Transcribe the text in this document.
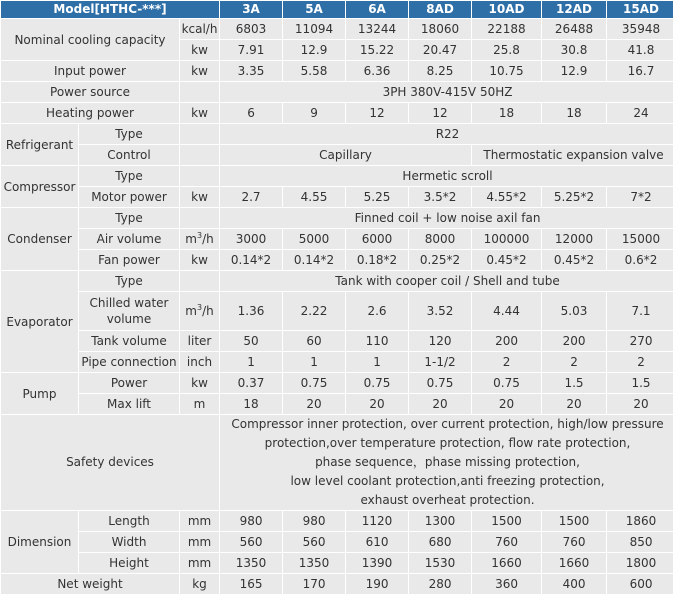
Model[HTHC-***]			3A	5A	6A	8AD	10AD	12AD	15AD
Nominal cooling capacity		kcal/h	6803	11094	13244	18060	22188	26488	35948
		kw	7.91	12.9	15.22	20.47	25.8	30.8	41.8
Input power		kw	3.35	5.58	6.36	8.25	10.75	12.9	16.7
Power source			3PH 380V-415V 50HZ						
Heating power		kw	6	9	12	12	18	18	24
Refrigerant	Type		R22						
	Control		Capillary				Thermostatic expansion valve		
Compressor	Type		Hermetic scroll						
	Motor power	kw	2.7	4.55	5.25	3.5*2	4.55*2	5.25*2	7*2
Condenser	Type		Finned coil + low noise axil fan						
	Air volume	$m^3/h$	3000	5000	6000	8000	100000	12000	15000
	Fan power	kw	0.14*2	0.14*2	0.18*2	0.25*2	0.45*2	0.45*2	0.6*2
Evaporator	Type		Tank with cooper coil / Shell and tube						
	Chilled water
volume	$m^3/h$	1.36	2.22	2.6	3.52	4.44	5.03	7.1
	Tank volume	liter	50	60	110	120	200	200	270
	Pipe connection	inch	1	1	1	1-1/2	2	2	2
Pump	Power	kw	0.37	0.75	0.75	0.75	0.75	1.5	1.5
	Max lift	m	18	20	20	20	20	20	20
Safety devices			Compressor inner protection, over current protection, high/low pressure
protection,over temperature protection, flow rate protection,
phase sequence，phase missing protection,
low level coolant protection,anti freezing protection,
exhaust overheat protection.						
Dimension	Length	mm	980	980	1120	1300	1500	1500	1860
	Width	mm	560	560	610	680	760	760	850
	Height	mm	1350	1350	1390	1530	1660	1660	1800
Net weight		kg	165	170	190	280	360	400	600
